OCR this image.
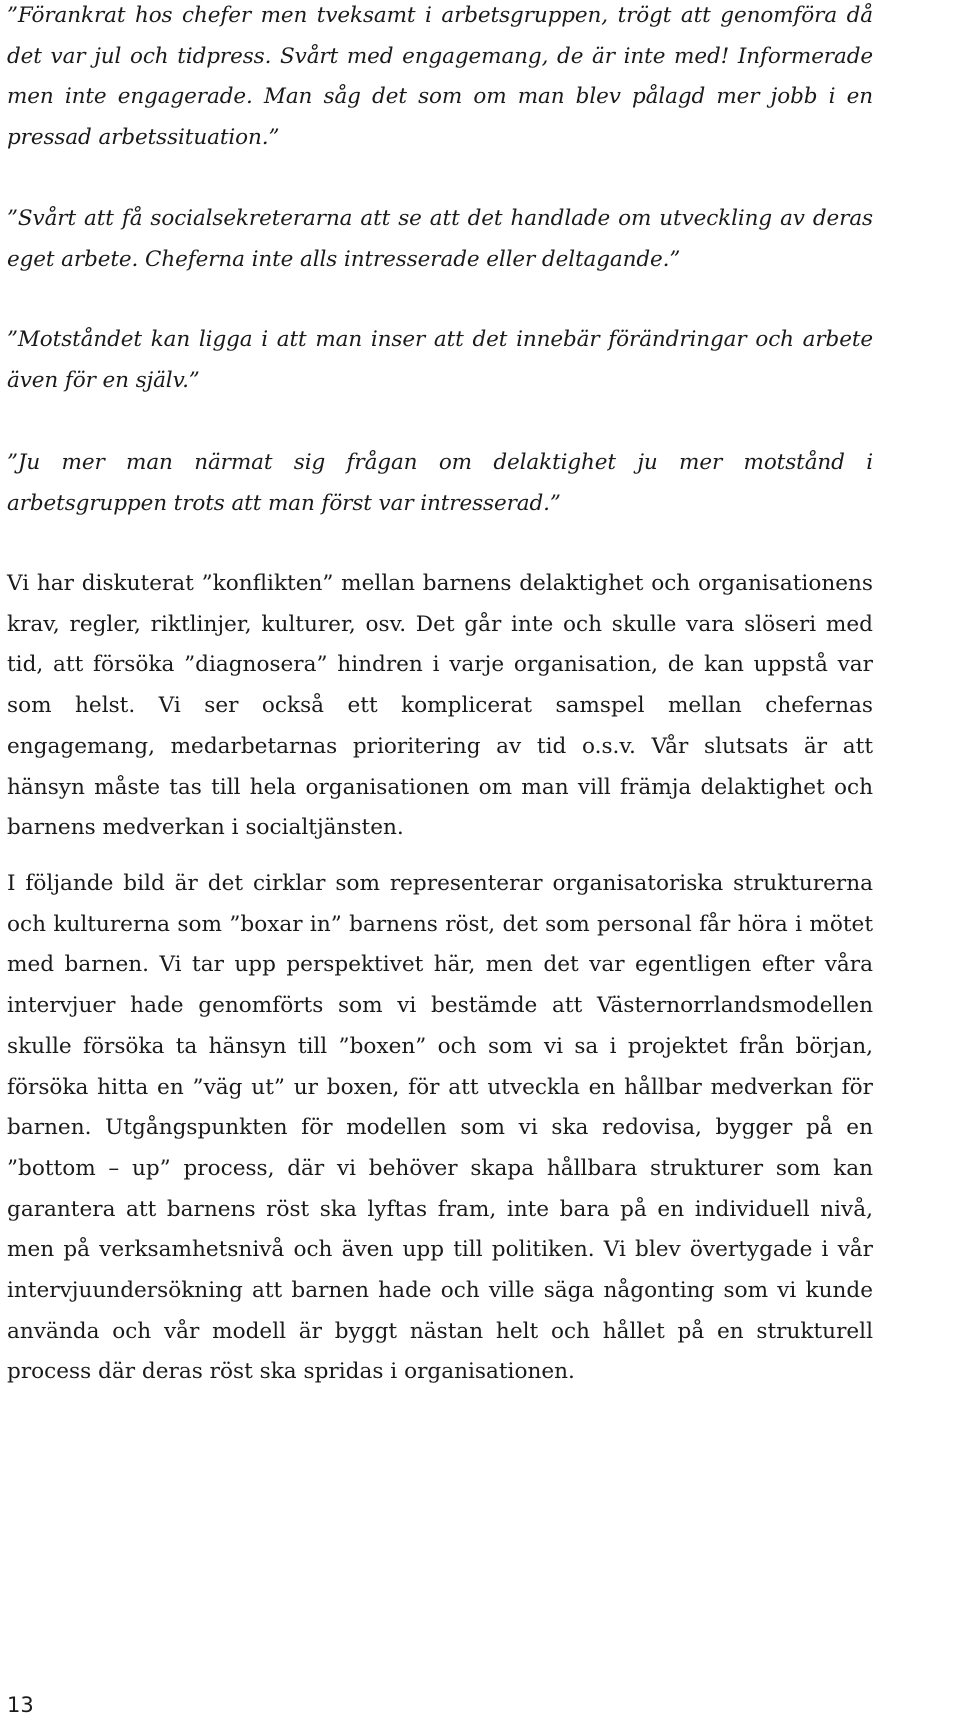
”Förankrat hos chefer men tveksamt i arbetsgruppen, trögt att genomföra då det var jul och tidpress. Svårt med engagemang, de är inte med! Informerade men inte engagerade. Man såg det som om man blev pålagd mer jobb i en pressad arbetssituation.”

”Svårt att få socialsekreterarna att se att det handlade om utveckling av deras eget arbete. Cheferna inte alls intresserade eller deltagande.”

”Motståndet kan ligga i att man inser att det innebär förändringar och arbete även för en själv.”

”Ju mer man närmat sig frågan om delaktighet ju mer motstånd i arbetsgruppen trots att man först var intresserad.”

Vi har diskuterat ”konflikten” mellan barnens delaktighet och organisationens krav, regler, riktlinjer, kulturer, osv. Det går inte och skulle vara slöseri med tid, att försöka ”diagnosera” hindren i varje organisation, de kan uppstå var som helst. Vi ser också ett komplicerat samspel mellan chefernas engagemang, medarbetarnas prioritering av tid o.s.v. Vår slutsats är att hänsyn måste tas till hela organisationen om man vill främja delaktighet och barnens medverkan i socialtjänsten.

I följande bild är det cirklar som representerar organisatoriska strukturerna och kulturerna som ”boxar in” barnens röst, det som personal får höra i mötet med barnen. Vi tar upp perspektivet här, men det var egentligen efter våra intervjuer hade genomförts som vi bestämde att Västernorrlandsmodellen skulle försöka ta hänsyn till ”boxen” och som vi sa i projektet från början, försöka hitta en ”väg ut” ur boxen, för att utveckla en hållbar medverkan för barnen. Utgångspunkten för modellen som vi ska redovisa, bygger på en ”bottom – up” process, där vi behöver skapa hållbara strukturer som kan garantera att barnens röst ska lyftas fram, inte bara på en individuell nivå, men på verksamhetsnivå och även upp till politiken. Vi blev övertygade i vår intervjuundersökning att barnen hade och ville säga någonting som vi kunde använda och vår modell är byggt nästan helt och hållet på en strukturell process där deras röst ska spridas i organisationen.

13
